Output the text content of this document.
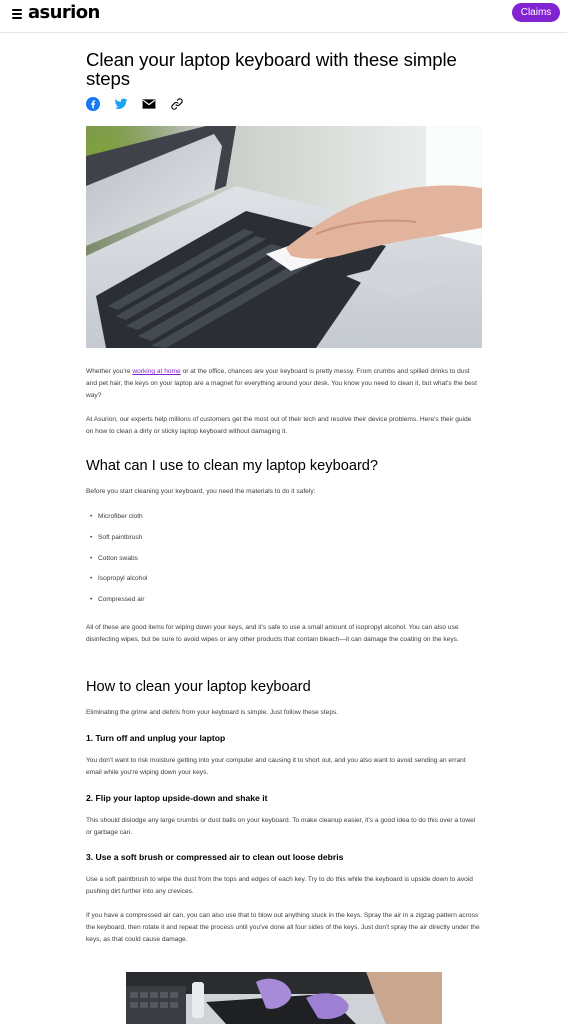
asurion	Claims
Clean your laptop keyboard with these simple steps

Whether you're working at home or at the office, chances are your keyboard is pretty messy. From crumbs and spilled drinks to dust and pet hair, the keys on your laptop are a magnet for everything around your desk. You know you need to clean it, but what's the best way?

At Asurion, our experts help millions of customers get the most out of their tech and resolve their device problems. Here's their guide on how to clean a dirty or sticky laptop keyboard without damaging it.

What can I use to clean my laptop keyboard?

Before you start cleaning your keyboard, you need the materials to do it safely:

• Microfiber cloth
• Soft paintbrush
• Cotton swabs
• Isopropyl alcohol
• Compressed air

All of these are good items for wiping down your keys, and it's safe to use a small amount of isopropyl alcohol. You can also use disinfecting wipes, but be sure to avoid wipes or any other products that contain bleach—it can damage the coating on the keys.

How to clean your laptop keyboard

Eliminating the grime and debris from your keyboard is simple. Just follow these steps.

1. Turn off and unplug your laptop

You don't want to risk moisture getting into your computer and causing it to short out, and you also want to avoid sending an errant email while you're wiping down your keys.

2. Flip your laptop upside-down and shake it

This should dislodge any large crumbs or dust balls on your keyboard. To make cleanup easier, it's a good idea to do this over a towel or garbage can.

3. Use a soft brush or compressed air to clean out loose debris

Use a soft paintbrush to wipe the dust from the tops and edges of each key. Try to do this while the keyboard is upside down to avoid pushing dirt further into any crevices.

If you have a compressed air can, you can also use that to blow out anything stuck in the keys. Spray the air in a zigzag pattern across the keyboard, then rotate it and repeat the process until you've done all four sides of the keys. Just don't spray the air directly under the keys, as that could cause damage.
